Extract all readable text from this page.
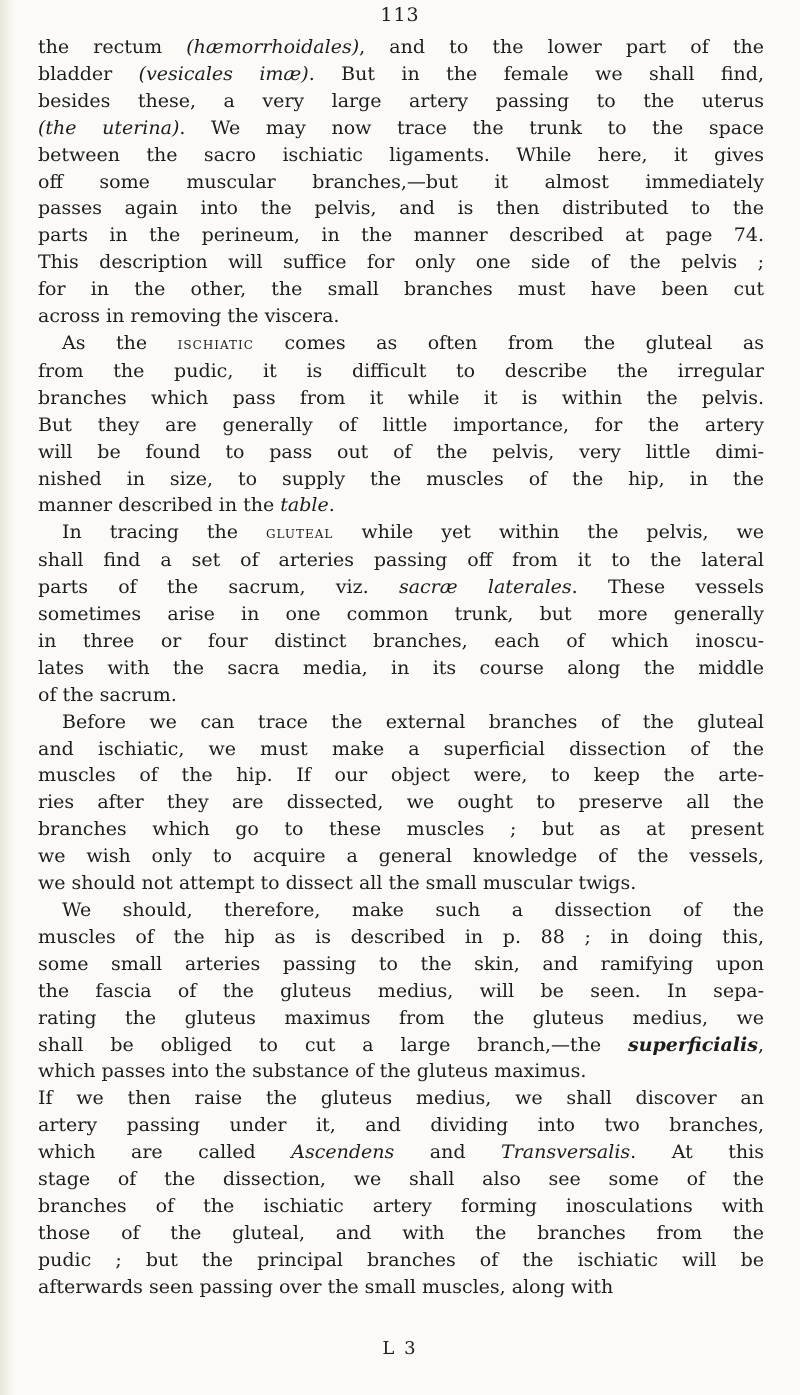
113
the rectum (hæmorrhoidales), and to the lower part of the
bladder (vesicales imæ). But in the female we shall find,
besides these, a very large artery passing to the uterus
(the uterina). We may now trace the trunk to the space
between the sacro ischiatic ligaments. While here, it gives
off some muscular branches,—but it almost immediately
passes again into the pelvis, and is then distributed to the
parts in the perineum, in the manner described at page 74.
This description will suffice for only one side of the pelvis ;
for in the other, the small branches must have been cut
across in removing the viscera.
As the ischiatic comes as often from the gluteal as
from the pudic, it is difficult to describe the irregular
branches which pass from it while it is within the pelvis.
But they are generally of little importance, for the artery
will be found to pass out of the pelvis, very little dimi-
nished in size, to supply the muscles of the hip, in the
manner described in the table.
In tracing the gluteal while yet within the pelvis, we
shall find a set of arteries passing off from it to the lateral
parts of the sacrum, viz. sacræ laterales. These vessels
sometimes arise in one common trunk, but more generally
in three or four distinct branches, each of which inoscu-
lates with the sacra media, in its course along the middle
of the sacrum.
Before we can trace the external branches of the gluteal
and ischiatic, we must make a superficial dissection of the
muscles of the hip. If our object were, to keep the arte-
ries after they are dissected, we ought to preserve all the
branches which go to these muscles ; but as at present
we wish only to acquire a general knowledge of the vessels,
we should not attempt to dissect all the small muscular twigs.
We should, therefore, make such a dissection of the
muscles of the hip as is described in p. 88 ; in doing this,
some small arteries passing to the skin, and ramifying upon
the fascia of the gluteus medius, will be seen. In sepa-
rating the gluteus maximus from the gluteus medius, we
shall be obliged to cut a large branch,—the superficialis,
which passes into the substance of the gluteus maximus.
If we then raise the gluteus medius, we shall discover an
artery passing under it, and dividing into two branches,
which are called Ascendens and Transversalis. At this
stage of the dissection, we shall also see some of the
branches of the ischiatic artery forming inosculations with
those of the gluteal, and with the branches from the
pudic ; but the principal branches of the ischiatic will be
afterwards seen passing over the small muscles, along with
L 3
